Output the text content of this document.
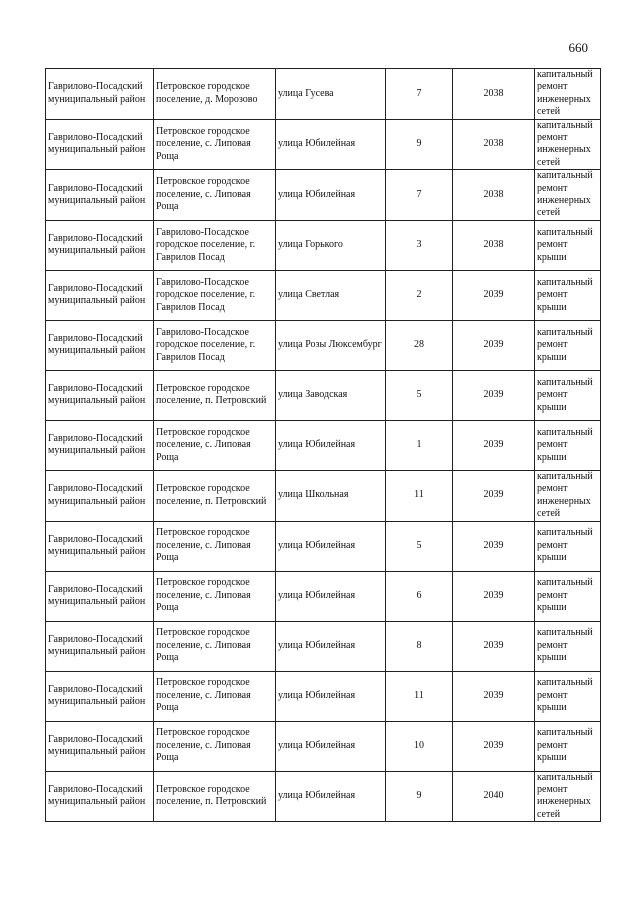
660
Гаврилово-Посадский муниципальный район	Петровское городское поселение, д. Морозово	улица Гусева	7	2038	капитальный ремонт инженерных сетей
Гаврилово-Посадский муниципальный район	Петровское городское поселение, с. Липовая Роща	улица Юбилейная	9	2038	капитальный ремонт инженерных сетей
Гаврилово-Посадский муниципальный район	Петровское городское поселение, с. Липовая Роща	улица Юбилейная	7	2038	капитальный ремонт инженерных сетей
Гаврилово-Посадский муниципальный район	Гаврилово-Посадское городское поселение, г. Гаврилов Посад	улица Горького	3	2038	капитальный ремонт крыши
Гаврилово-Посадский муниципальный район	Гаврилово-Посадское городское поселение, г. Гаврилов Посад	улица Светлая	2	2039	капитальный ремонт крыши
Гаврилово-Посадский муниципальный район	Гаврилово-Посадское городское поселение, г. Гаврилов Посад	улица Розы Люксембург	28	2039	капитальный ремонт крыши
Гаврилово-Посадский муниципальный район	Петровское городское поселение, п. Петровский	улица Заводская	5	2039	капитальный ремонт крыши
Гаврилово-Посадский муниципальный район	Петровское городское поселение, с. Липовая Роща	улица Юбилейная	1	2039	капитальный ремонт крыши
Гаврилово-Посадский муниципальный район	Петровское городское поселение, п. Петровский	улица Школьная	11	2039	капитальный ремонт инженерных сетей
Гаврилово-Посадский муниципальный район	Петровское городское поселение, с. Липовая Роща	улица Юбилейная	5	2039	капитальный ремонт крыши
Гаврилово-Посадский муниципальный район	Петровское городское поселение, с. Липовая Роща	улица Юбилейная	6	2039	капитальный ремонт крыши
Гаврилово-Посадский муниципальный район	Петровское городское поселение, с. Липовая Роща	улица Юбилейная	8	2039	капитальный ремонт крыши
Гаврилово-Посадский муниципальный район	Петровское городское поселение, с. Липовая Роща	улица Юбилейная	11	2039	капитальный ремонт крыши
Гаврилово-Посадский муниципальный район	Петровское городское поселение, с. Липовая Роща	улица Юбилейная	10	2039	капитальный ремонт крыши
Гаврилово-Посадский муниципальный район	Петровское городское поселение, п. Петровский	улица Юбилейная	9	2040	капитальный ремонт инженерных сетей
